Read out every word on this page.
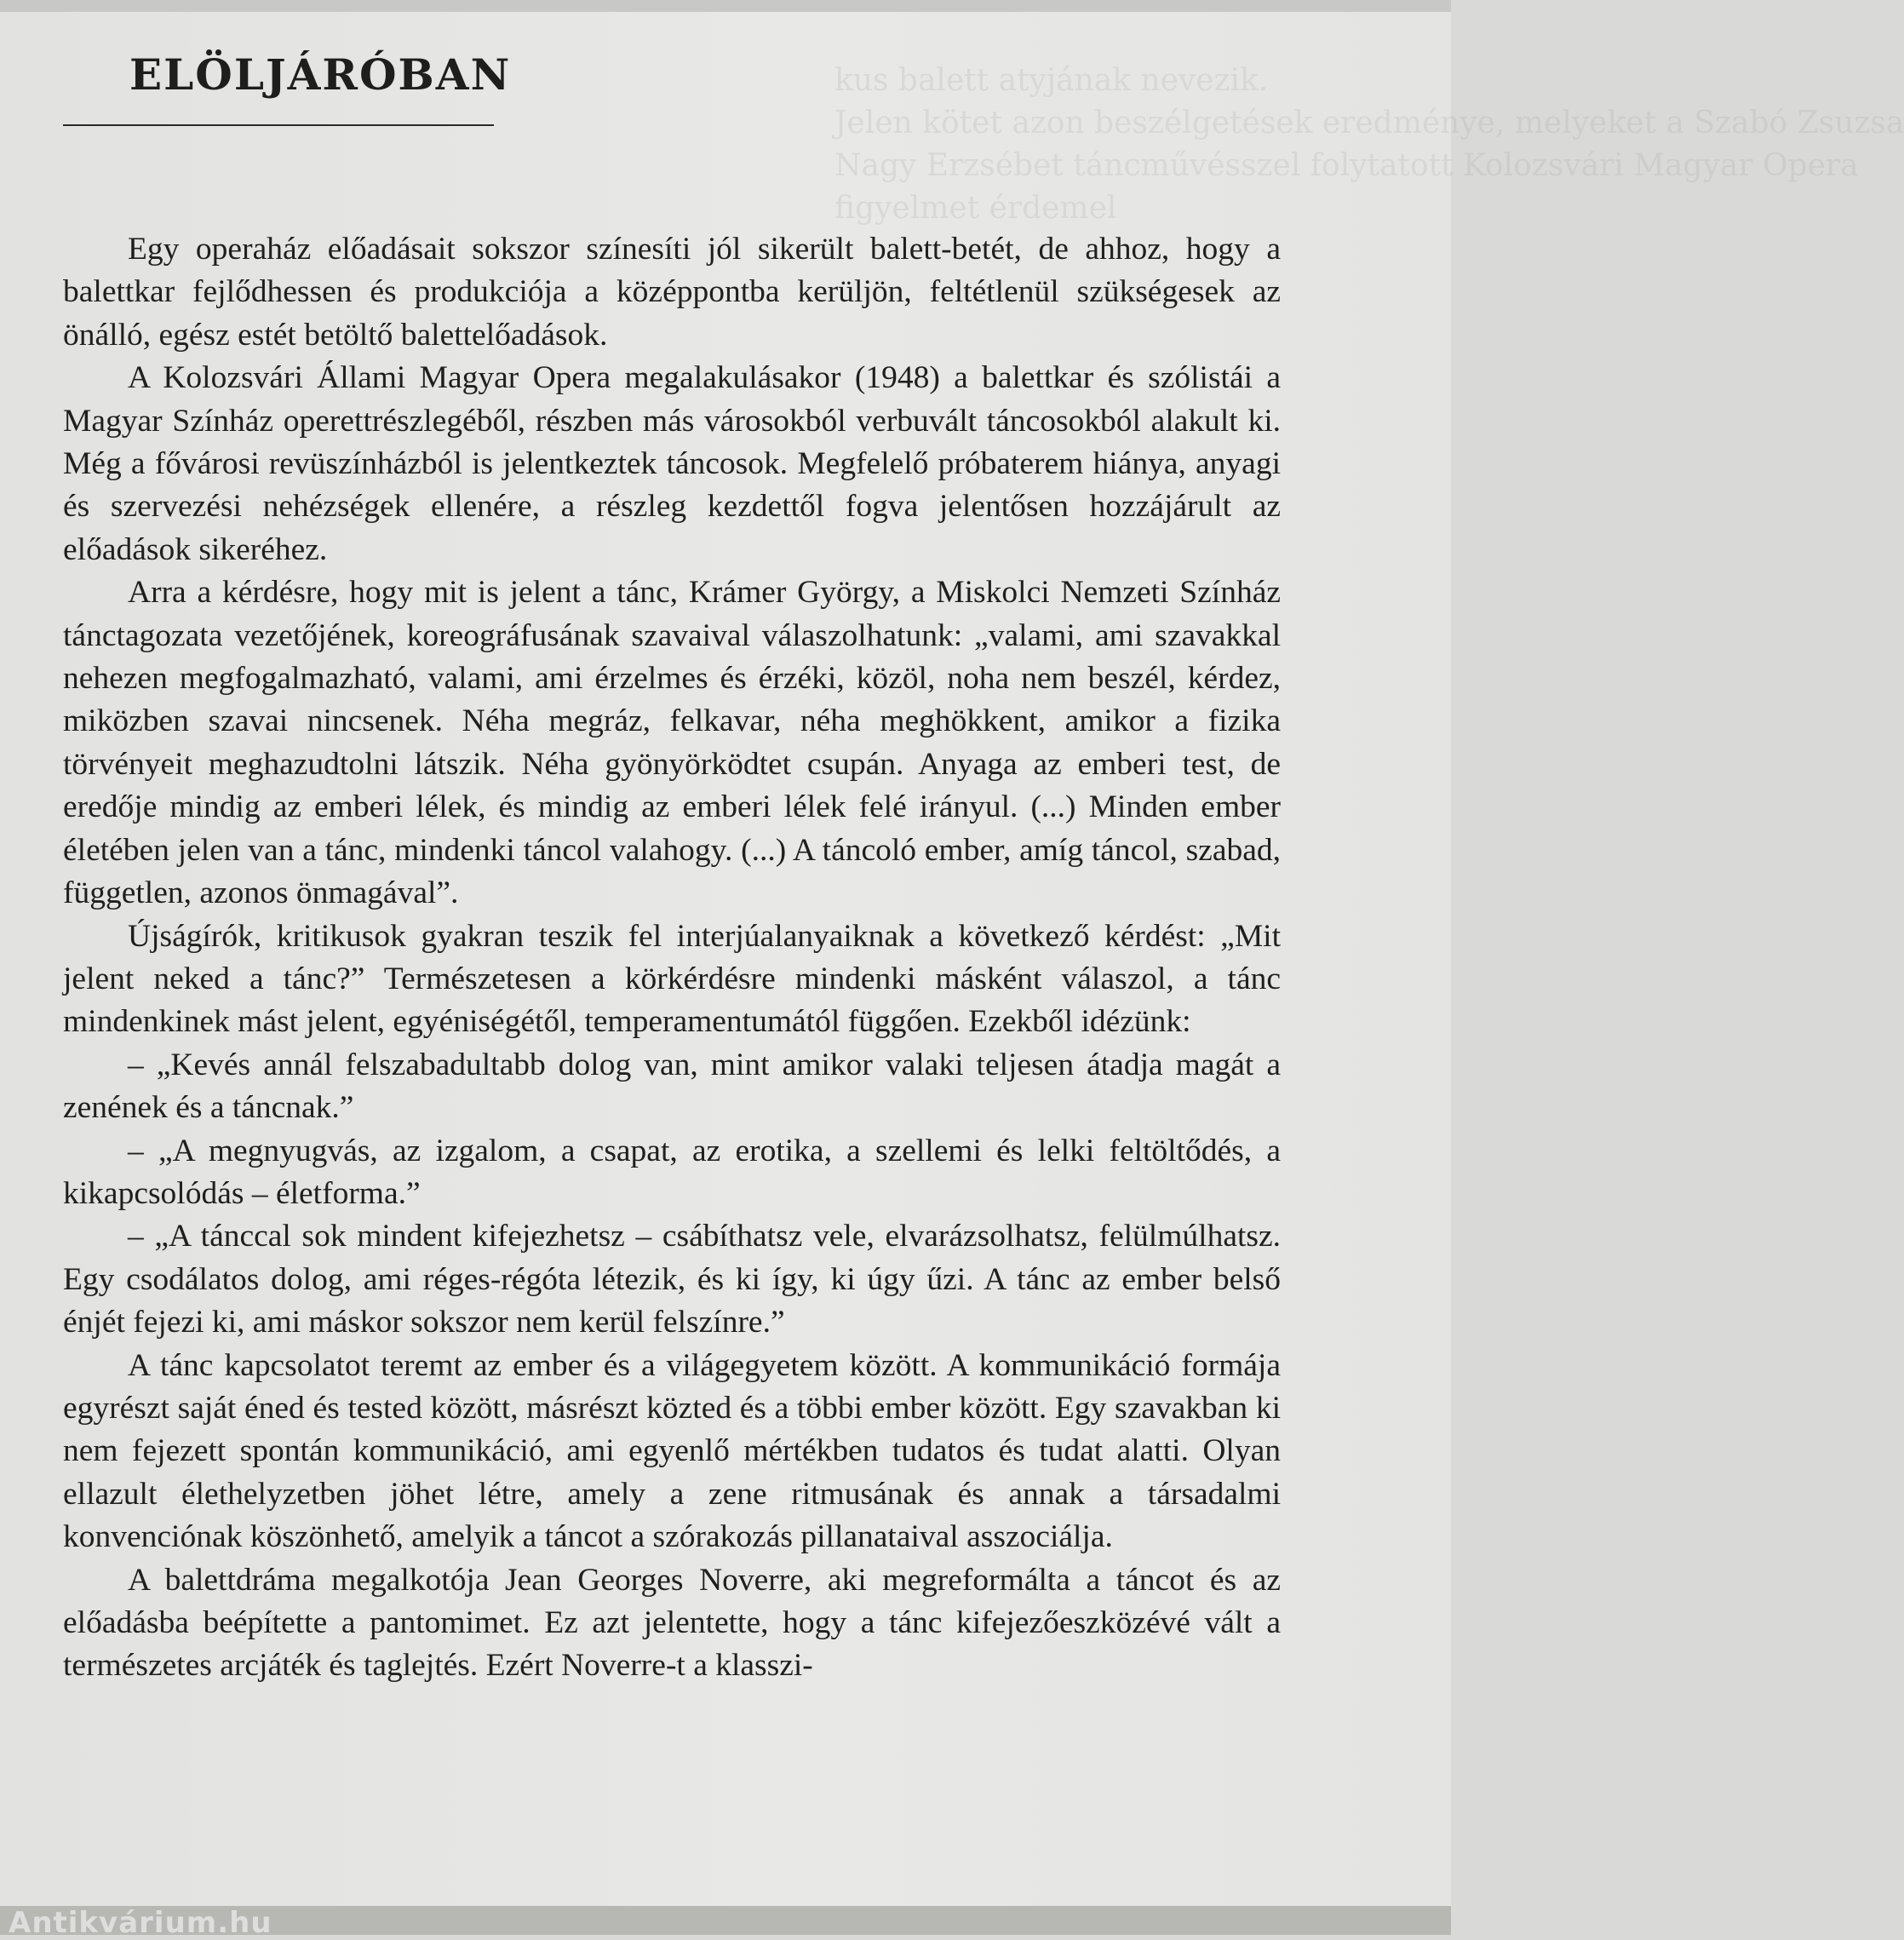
kus balett atyjának nevezik.
Jelen kötet azon beszélgetések eredménye, melyeket a Szabó Zsuzsa
Nagy Erzsébet táncművésszel folytatott Kolozsvári Magyar Opera
figyelmet érdemel
ELÖLJÁRÓBAN

Egy operaház előadásait sokszor színesíti jól sikerült balett-betét, de ahhoz, hogy a balettkar fejlődhessen és produkciója a középpontba kerüljön, feltétlenül szükségesek az önálló, egész estét betöltő balettelőadások.

A Kolozsvári Állami Magyar Opera megalakulásakor (1948) a balettkar és szólistái a Magyar Színház operettrészlegéből, részben más városokból verbuvált táncosokból alakult ki. Még a fővárosi revüszínházból is jelentkeztek táncosok. Megfelelő próbaterem hiánya, anyagi és szervezési nehézségek ellenére, a részleg kezdettől fogva jelentősen hozzájárult az előadások sikeréhez.

Arra a kérdésre, hogy mit is jelent a tánc, Krámer György, a Miskolci Nemzeti Színház tánctagozata vezetőjének, koreográfusának szavaival válaszolhatunk: „valami, ami szavakkal nehezen megfogalmazható, valami, ami érzelmes és érzéki, közöl, noha nem beszél, kérdez, miközben szavai nincsenek. Néha megráz, felkavar, néha meghökkent, amikor a fizika törvényeit meghazudtolni látszik. Néha gyönyörködtet csupán. Anyaga az emberi test, de eredője mindig az emberi lélek, és mindig az emberi lélek felé irányul. (...) Minden ember életében jelen van a tánc, mindenki táncol valahogy. (...) A táncoló ember, amíg táncol, szabad, független, azonos önmagával”.

Újságírók, kritikusok gyakran teszik fel interjúalanyaiknak a következő kérdést: „Mit jelent neked a tánc?” Természetesen a körkérdésre mindenki másként válaszol, a tánc mindenkinek mást jelent, egyéniségétől, temperamentumától függően. Ezekből idézünk:

– „Kevés annál felszabadultabb dolog van, mint amikor valaki teljesen átadja magát a zenének és a táncnak.”

– „A megnyugvás, az izgalom, a csapat, az erotika, a szellemi és lelki feltöltődés, a kikapcsolódás – életforma.”

– „A tánccal sok mindent kifejezhetsz – csábíthatsz vele, elvarázsolhatsz, felülmúlhatsz. Egy csodálatos dolog, ami réges-régóta létezik, és ki így, ki úgy űzi. A tánc az ember belső énjét fejezi ki, ami máskor sokszor nem kerül felszínre.”

A tánc kapcsolatot teremt az ember és a világegyetem között. A kommunikáció formája egyrészt saját éned és tested között, másrészt közted és a többi ember között. Egy szavakban ki nem fejezett spontán kommunikáció, ami egyenlő mértékben tudatos és tudat alatti. Olyan ellazult élethelyzetben jöhet létre, amely a zene ritmusának és annak a társadalmi konvenciónak köszönhető, amelyik a táncot a szórakozás pillanataival asszociálja.

A balettdráma megalkotója Jean Georges Noverre, aki megreformálta a táncot és az előadásba beépítette a pantomimet. Ez azt jelentette, hogy a tánc kifejezőeszközévé vált a természetes arcjáték és taglejtés. Ezért Noverre-t a klasszi-

Antikvárium.hu
